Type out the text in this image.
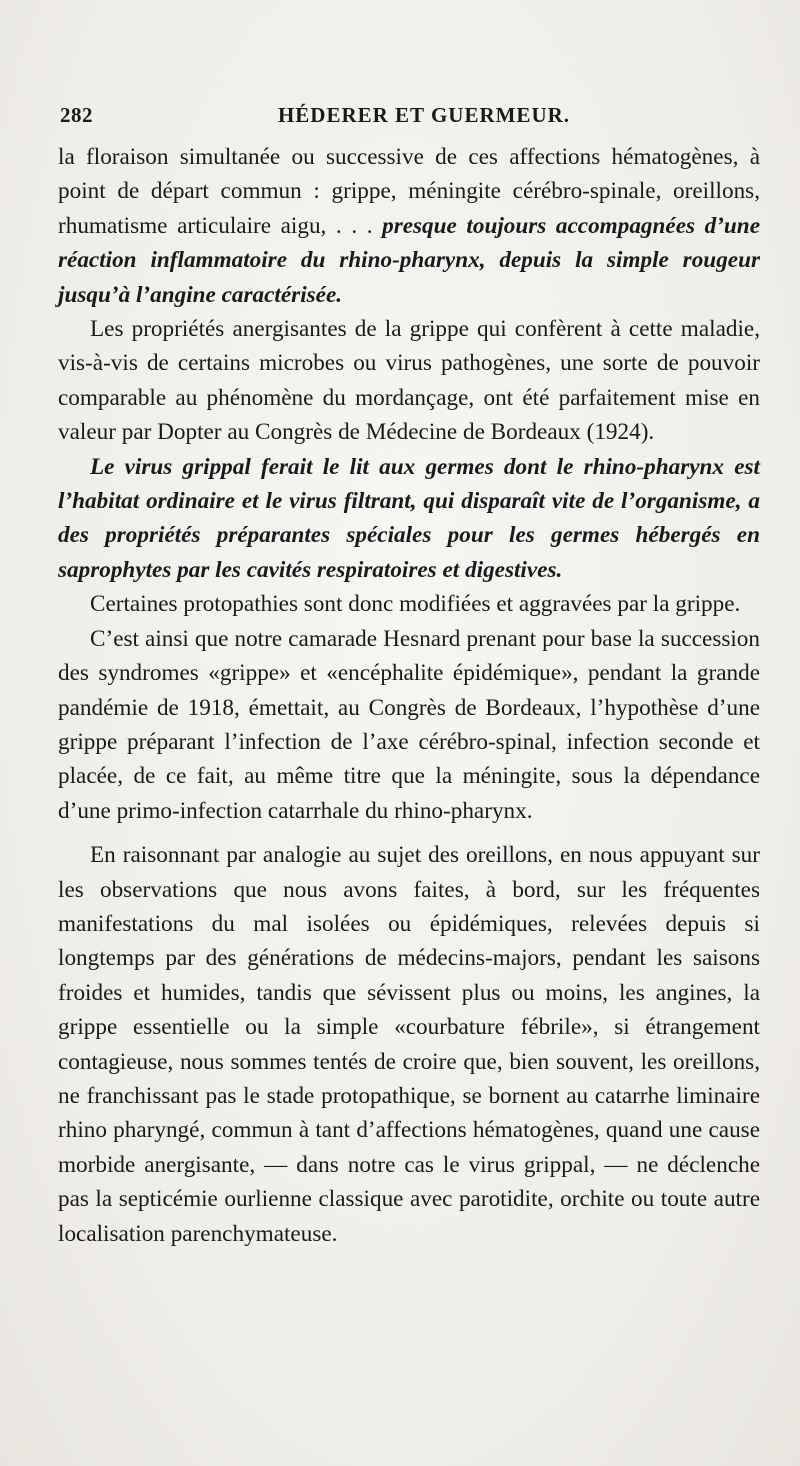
282	HÉDERER ET GUERMEUR.

la floraison simultanée ou successive de ces affections hématogènes, à point de départ commun : grippe, méningite cérébro-spinale, oreillons, rhumatisme articulaire aigu, . . . presque toujours accompagnées d’une réaction inflammatoire du rhino-pharynx, depuis la simple rougeur jusqu’à l’angine caractérisée.

Les propriétés anergisantes de la grippe qui confèrent à cette maladie, vis-à-vis de certains microbes ou virus pathogènes, une sorte de pouvoir comparable au phénomène du mordançage, ont été parfaitement mise en valeur par Dopter au Congrès de Médecine de Bordeaux (1924).

Le virus grippal ferait le lit aux germes dont le rhino-pharynx est l’habitat ordinaire et le virus filtrant, qui disparaît vite de l’organisme, a des propriétés préparantes spéciales pour les germes hébergés en saprophytes par les cavités respiratoires et digestives.

Certaines protopathies sont donc modifiées et aggravées par la grippe.

C’est ainsi que notre camarade Hesnard prenant pour base la succession des syndromes «grippe» et «encéphalite épidémique», pendant la grande pandémie de 1918, émettait, au Congrès de Bordeaux, l’hypothèse d’une grippe préparant l’infection de l’axe cérébro-spinal, infection seconde et placée, de ce fait, au même titre que la méningite, sous la dépendance d’une primo-infection catarrhale du rhino-pharynx.

En raisonnant par analogie au sujet des oreillons, en nous appuyant sur les observations que nous avons faites, à bord, sur les fréquentes manifestations du mal isolées ou épidémiques, relevées depuis si longtemps par des générations de médecins-majors, pendant les saisons froides et humides, tandis que sévissent plus ou moins, les angines, la grippe essentielle ou la simple «courbature fébrile», si étrangement contagieuse, nous sommes tentés de croire que, bien souvent, les oreillons, ne franchissant pas le stade protopathique, se bornent au catarrhe liminaire rhino pharyngé, commun à tant d’affections hématogènes, quand une cause morbide anergisante, — dans notre cas le virus grippal, — ne déclenche pas la septicémie ourlienne classique avec parotidite, orchite ou toute autre localisation parenchymateuse.
